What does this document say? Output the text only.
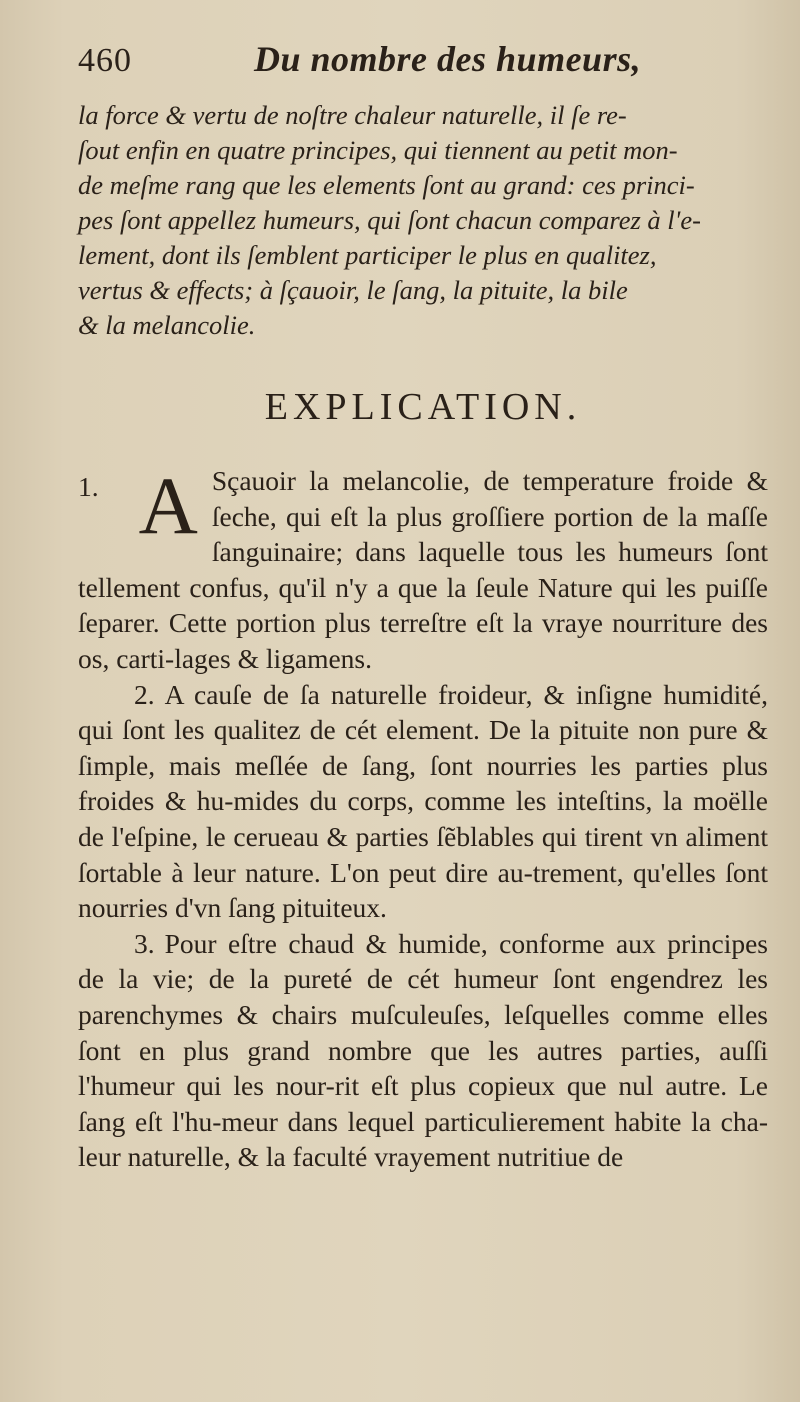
460	Du nombre des humeurs,

la force & vertu de noſtre chaleur naturelle, il ſe re-

ſout enfin en quatre principes, qui tiennent au petit mon-

de meſme rang que les elements ſont au grand: ces princi-

pes ſont appellez humeurs, qui ſont chacun comparez à l'e-

lement, dont ils ſemblent participer le plus en qualitez,

vertus & effects; à ſçauoir, le ſang, la pituite, la bile

& la melancolie.

EXPLICATION.

1. A Sçauoir la melancolie, de temperature froide & ſeche, qui eſt la plus groſſiere portion de la maſſe ſanguinaire; dans laquelle tous les humeurs ſont tellement confus, qu'il n'y a que la ſeule Nature qui les puiſſe ſeparer. Cette portion plus terreſtre eſt la vraye nourriture des os, carti-lages & ligamens.

2. A cauſe de ſa naturelle froideur, & inſigne humidité, qui ſont les qualitez de cét element. De la pituite non pure & ſimple, mais meſlée de ſang, ſont nourries les parties plus froides & hu-mides du corps, comme les inteſtins, la moëlle de l'eſpine, le cerueau & parties ſẽblables qui tirent vn aliment ſortable à leur nature. L'on peut dire au-trement, qu'elles ſont nourries d'vn ſang pituiteux.

3. Pour eſtre chaud & humide, conforme aux principes de la vie; de la pureté de cét humeur ſont engendrez les parenchymes & chairs muſculeuſes, leſquelles comme elles ſont en plus grand nombre que les autres parties, auſſi l'humeur qui les nour-rit eſt plus copieux que nul autre. Le ſang eſt l'hu-meur dans lequel particulierement habite la cha-leur naturelle, & la faculté vrayement nutritiue de
